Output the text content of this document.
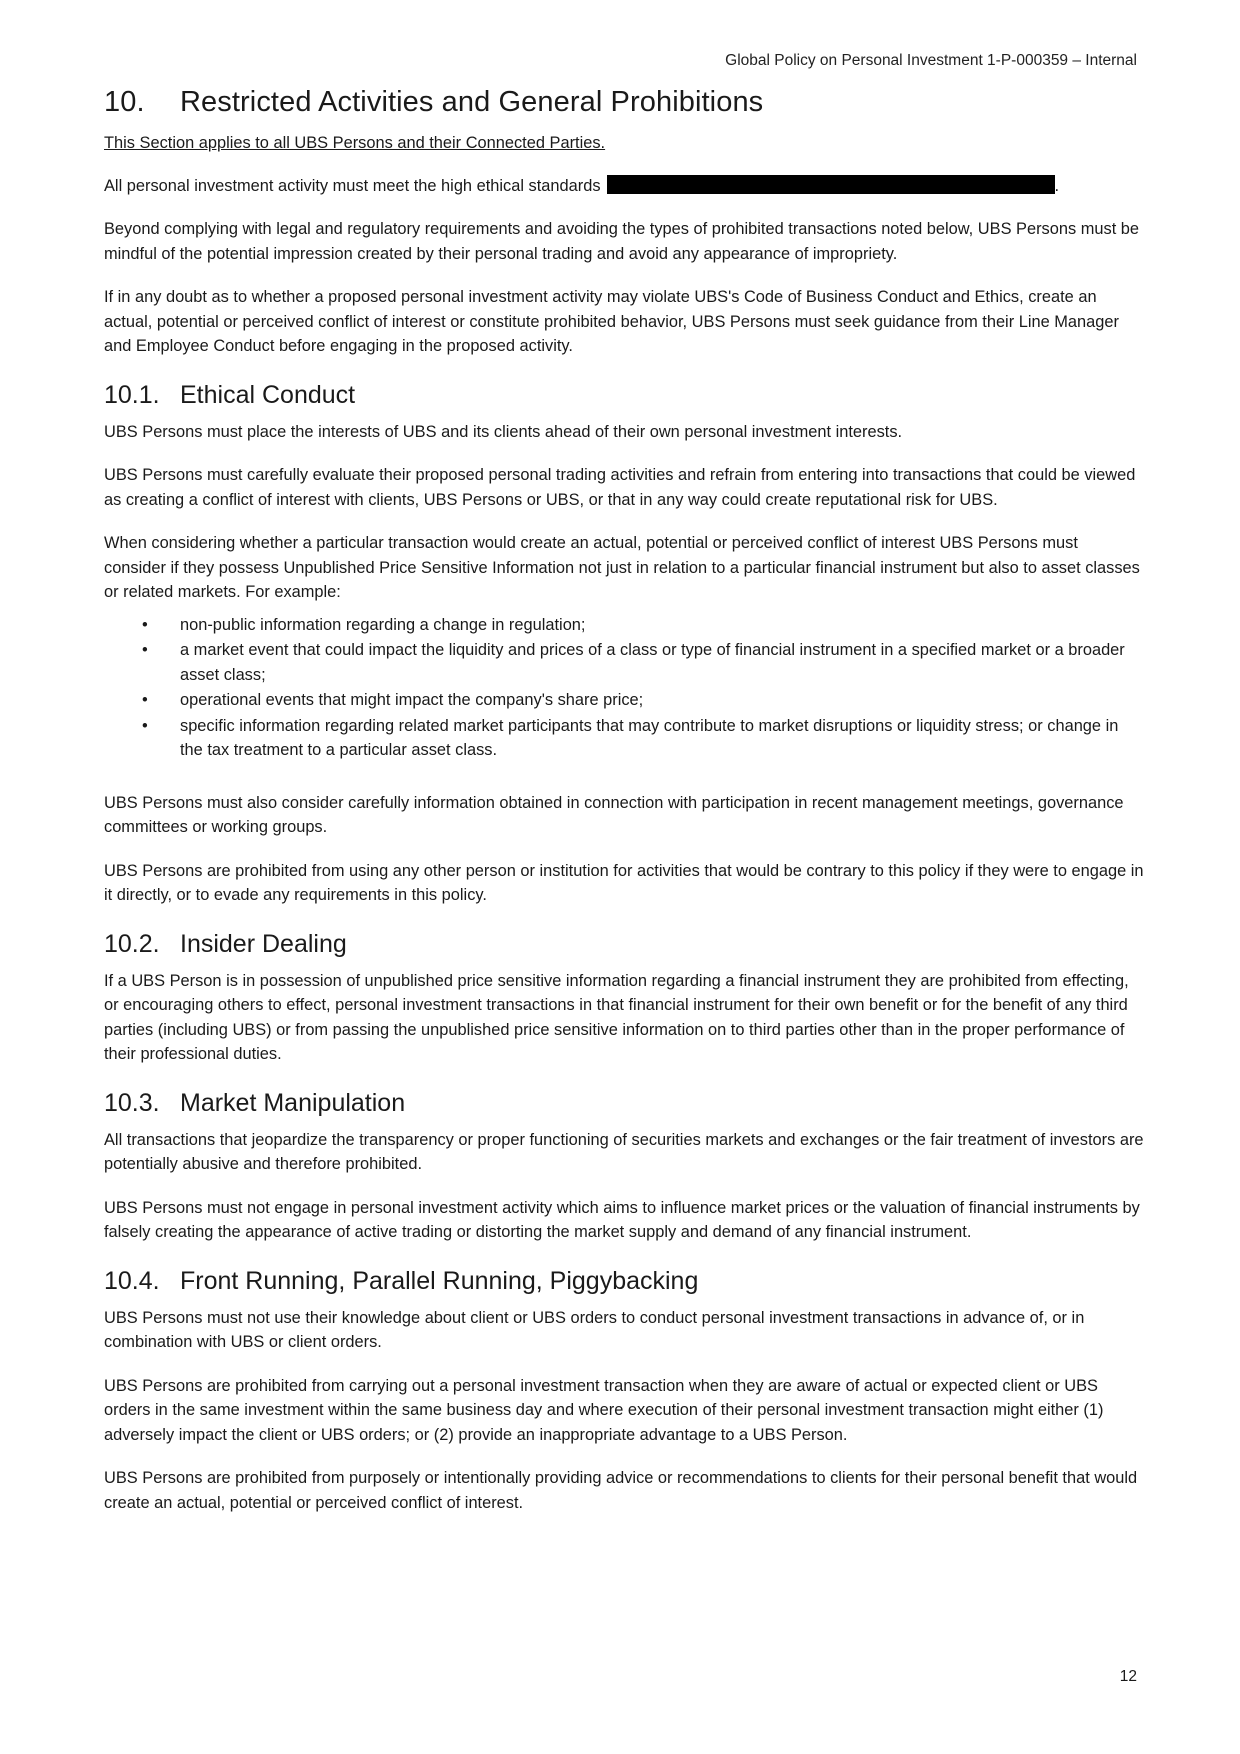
Global Policy on Personal Investment 1-P-000359 – Internal
10. Restricted Activities and General Prohibitions

This Section applies to all UBS Persons and their Connected Parties.

All personal investment activity must meet the high ethical standards	.

Beyond complying with legal and regulatory requirements and avoiding the types of prohibited transactions noted below, UBS Persons must be mindful of the potential impression created by their personal trading and avoid any appearance of impropriety.

If in any doubt as to whether a proposed personal investment activity may violate UBS's Code of Business Conduct and Ethics, create an actual, potential or perceived conflict of interest or constitute prohibited behavior, UBS Persons must seek guidance from their Line Manager and Employee Conduct before engaging in the proposed activity.

10.1. Ethical Conduct

UBS Persons must place the interests of UBS and its clients ahead of their own personal investment interests.

UBS Persons must carefully evaluate their proposed personal trading activities and refrain from entering into transactions that could be viewed as creating a conflict of interest with clients, UBS Persons or UBS, or that in any way could create reputational risk for UBS.

When considering whether a particular transaction would create an actual, potential or perceived conflict of interest UBS Persons must consider if they possess Unpublished Price Sensitive Information not just in relation to a particular financial instrument but also to asset classes or related markets. For example:

• non-public information regarding a change in regulation;
• a market event that could impact the liquidity and prices of a class or type of financial instrument in a specified market or a broader asset class;
• operational events that might impact the company's share price;
• specific information regarding related market participants that may contribute to market disruptions or liquidity stress; or change in the tax treatment to a particular asset class.

UBS Persons must also consider carefully information obtained in connection with participation in recent management meetings, governance committees or working groups.

UBS Persons are prohibited from using any other person or institution for activities that would be contrary to this policy if they were to engage in it directly, or to evade any requirements in this policy.

10.2. Insider Dealing

If a UBS Person is in possession of unpublished price sensitive information regarding a financial instrument they are prohibited from effecting, or encouraging others to effect, personal investment transactions in that financial instrument for their own benefit or for the benefit of any third parties (including UBS) or from passing the unpublished price sensitive information on to third parties other than in the proper performance of their professional duties.

10.3. Market Manipulation

All transactions that jeopardize the transparency or proper functioning of securities markets and exchanges or the fair treatment of investors are potentially abusive and therefore prohibited.

UBS Persons must not engage in personal investment activity which aims to influence market prices or the valuation of financial instruments by falsely creating the appearance of active trading or distorting the market supply and demand of any financial instrument.

10.4. Front Running, Parallel Running, Piggybacking

UBS Persons must not use their knowledge about client or UBS orders to conduct personal investment transactions in advance of, or in combination with UBS or client orders.

UBS Persons are prohibited from carrying out a personal investment transaction when they are aware of actual or expected client or UBS orders in the same investment within the same business day and where execution of their personal investment transaction might either (1) adversely impact the client or UBS orders; or (2) provide an inappropriate advantage to a UBS Person.

UBS Persons are prohibited from purposely or intentionally providing advice or recommendations to clients for their personal benefit that would create an actual, potential or perceived conflict of interest.

12
